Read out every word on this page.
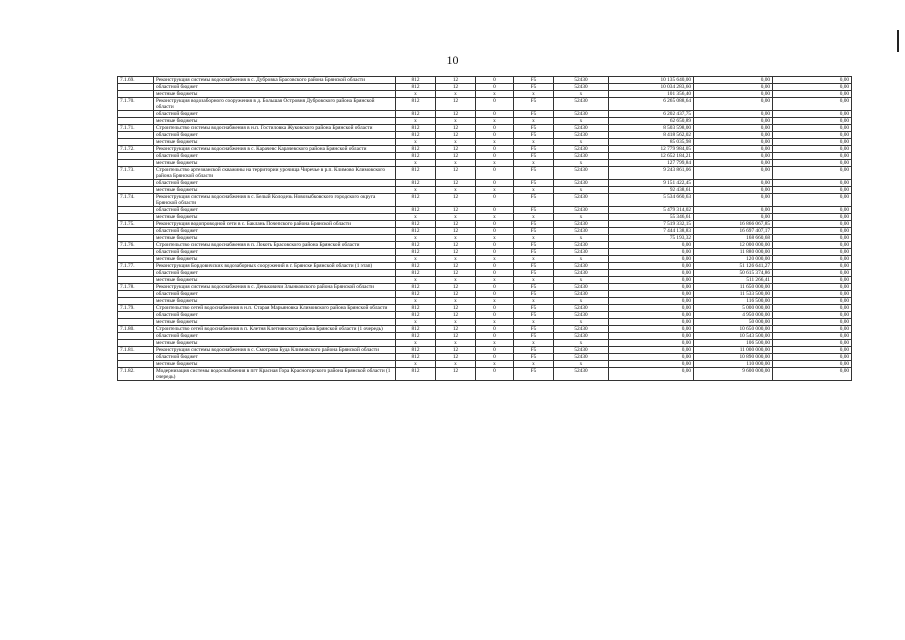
10
7.1.69.	Реконструкция системы водоснабжения в с. Дубровка Брасовского района Брянской области	812	12	0	F5	52430	10 135 640,00	0,00	0,00
	областной бюджет	812	12	0	F5	52430	10 034 283,60	0,00	0,00
	местные бюджеты	х	х	х	х	х	101 356,40	0,00	0,00
7.1.70.	Реконструкция водозаборного сооружения в д. Большая Островня Дубровского района Брянской области	812	12	0	F5	52430	6 265 088,64	0,00	0,00
	областной бюджет	812	12	0	F5	52430	6 202 437,75	0,00	0,00
	местные бюджеты	х	х	х	х	х	62 650,89	0,00	0,00
7.1.71.	Строительство системы водоснабжения в н.п. Гостиловка Жуковского района Брянской области	812	12	0	F5	52430	8 503 598,00	0,00	0,00
	областной бюджет	812	12	0	F5	52430	8 418 562,02	0,00	0,00
	местные бюджеты	х	х	х	х	х	85 035,98	0,00	0,00
7.1.72.	Реконструкция системы водоснабжения в с. Карачевс Карачевского района Брянской области	812	12	0	F5	52430	12 779 984,05	0,00	0,00
	областной бюджет	812	12	0	F5	52430	12 652 184,21	0,00	0,00
	местные бюджеты	х	х	х	х	х	127 799,84	0,00	0,00
7.1.73.	Строительство артезианской скважины на территории урочища Чиречье в р.п. Климово Климовского района Брянской области	812	12	0	F5	52430	9 243 861,06	0,00	0,00
	областной бюджет	812	12	0	F5	52430	9 151 422,45	0,00	0,00
	местные бюджеты	х	х	х	х	х	92 438,61	0,00	0,00
7.1.74.	Реконструкция системы водоснабжения в с. Белый Колодезь Новозыбковского городского округа Брянской области	812	12	0	F5	52430	5 534 660,63	0,00	0,00
	областной бюджет	812	12	0	F5	52430	5 479 314,02	0,00	0,00
	местные бюджеты	х	х	х	х	х	55 346,61	0,00	0,00
7.1.75.	Реконструкция водопроводной сети в с. Баклань Почепского района Брянской области	812	12	0	F5	52430	7 519 332,15	16 866 067,85	0,00
	областной бюджет	812	12	0	F5	52430	7 444 138,83	16 697 407,17	0,00
	местные бюджеты	х	х	х	х	х	75 193,32	168 660,68	0,00
7.1.76.	Строительство системы водоснабжения в п. Локоть Брасовского района Брянской области	812	12	0	F5	52430	0,00	12 000 000,00	0,00
	областной бюджет	812	12	0	F5	52430	0,00	11 880 000,00	0,00
	местные бюджеты	х	х	х	х	х	0,00	120 000,00	0,00
7.1.77.	Реконструкция Бордовичских водозаборных сооружений в г. Брянске Брянской области (1 этап)	812	12	0	F5	52430	0,00	51 126 641,27	0,00
	областной бюджет	812	12	0	F5	52430	0,00	50 615 374,86	0,00
	местные бюджеты	х	х	х	х	х	0,00	511 266,41	0,00
7.1.78.	Реконструкция системы водоснабжения в с. Деньковичи Злынковского района Брянской области	812	12	0	F5	52430	0,00	11 650 000,00	0,00
	областной бюджет	812	12	0	F5	52430	0,00	11 533 500,00	0,00
	местные бюджеты	х	х	х	х	х	0,00	116 500,00	0,00
7.1.79.	Строительство сетей водоснабжения в н.п. Старая Марьяновка Климовского района Брянской области	812	12	0	F5	52430	0,00	5 000 000,00	0,00
	областной бюджет	812	12	0	F5	52430	0,00	4 950 000,00	0,00
	местные бюджеты	х	х	х	х	х	0,00	50 000,00	0,00
7.1.80.	Строительство сетей водоснабжения в п. Клетня Клетнянского района Брянской области (1 очередь)	812	12	0	F5	52430	0,00	10 650 000,00	0,00
	областной бюджет	812	12	0	F5	52430	0,00	10 543 500,00	0,00
	местные бюджеты	х	х	х	х	х	0,00	106 500,00	0,00
7.1.81.	Реконструкция системы водоснабжения в с. Смотрова Буда Климовского района Брянской области	812	12	0	F5	52430	0,00	11 000 000,00	0,00
	областной бюджет	812	12	0	F5	52430	0,00	10 890 000,00	0,00
	местные бюджеты	х	х	х	х	х	0,00	110 000,00	0,00
7.1.82.	Модернизация системы водоснабжения в пгт Красная Гора Красногорского района Брянской области (1 очередь)	812	12	0	F5	52430	0,00	9 600 000,00	0,00
